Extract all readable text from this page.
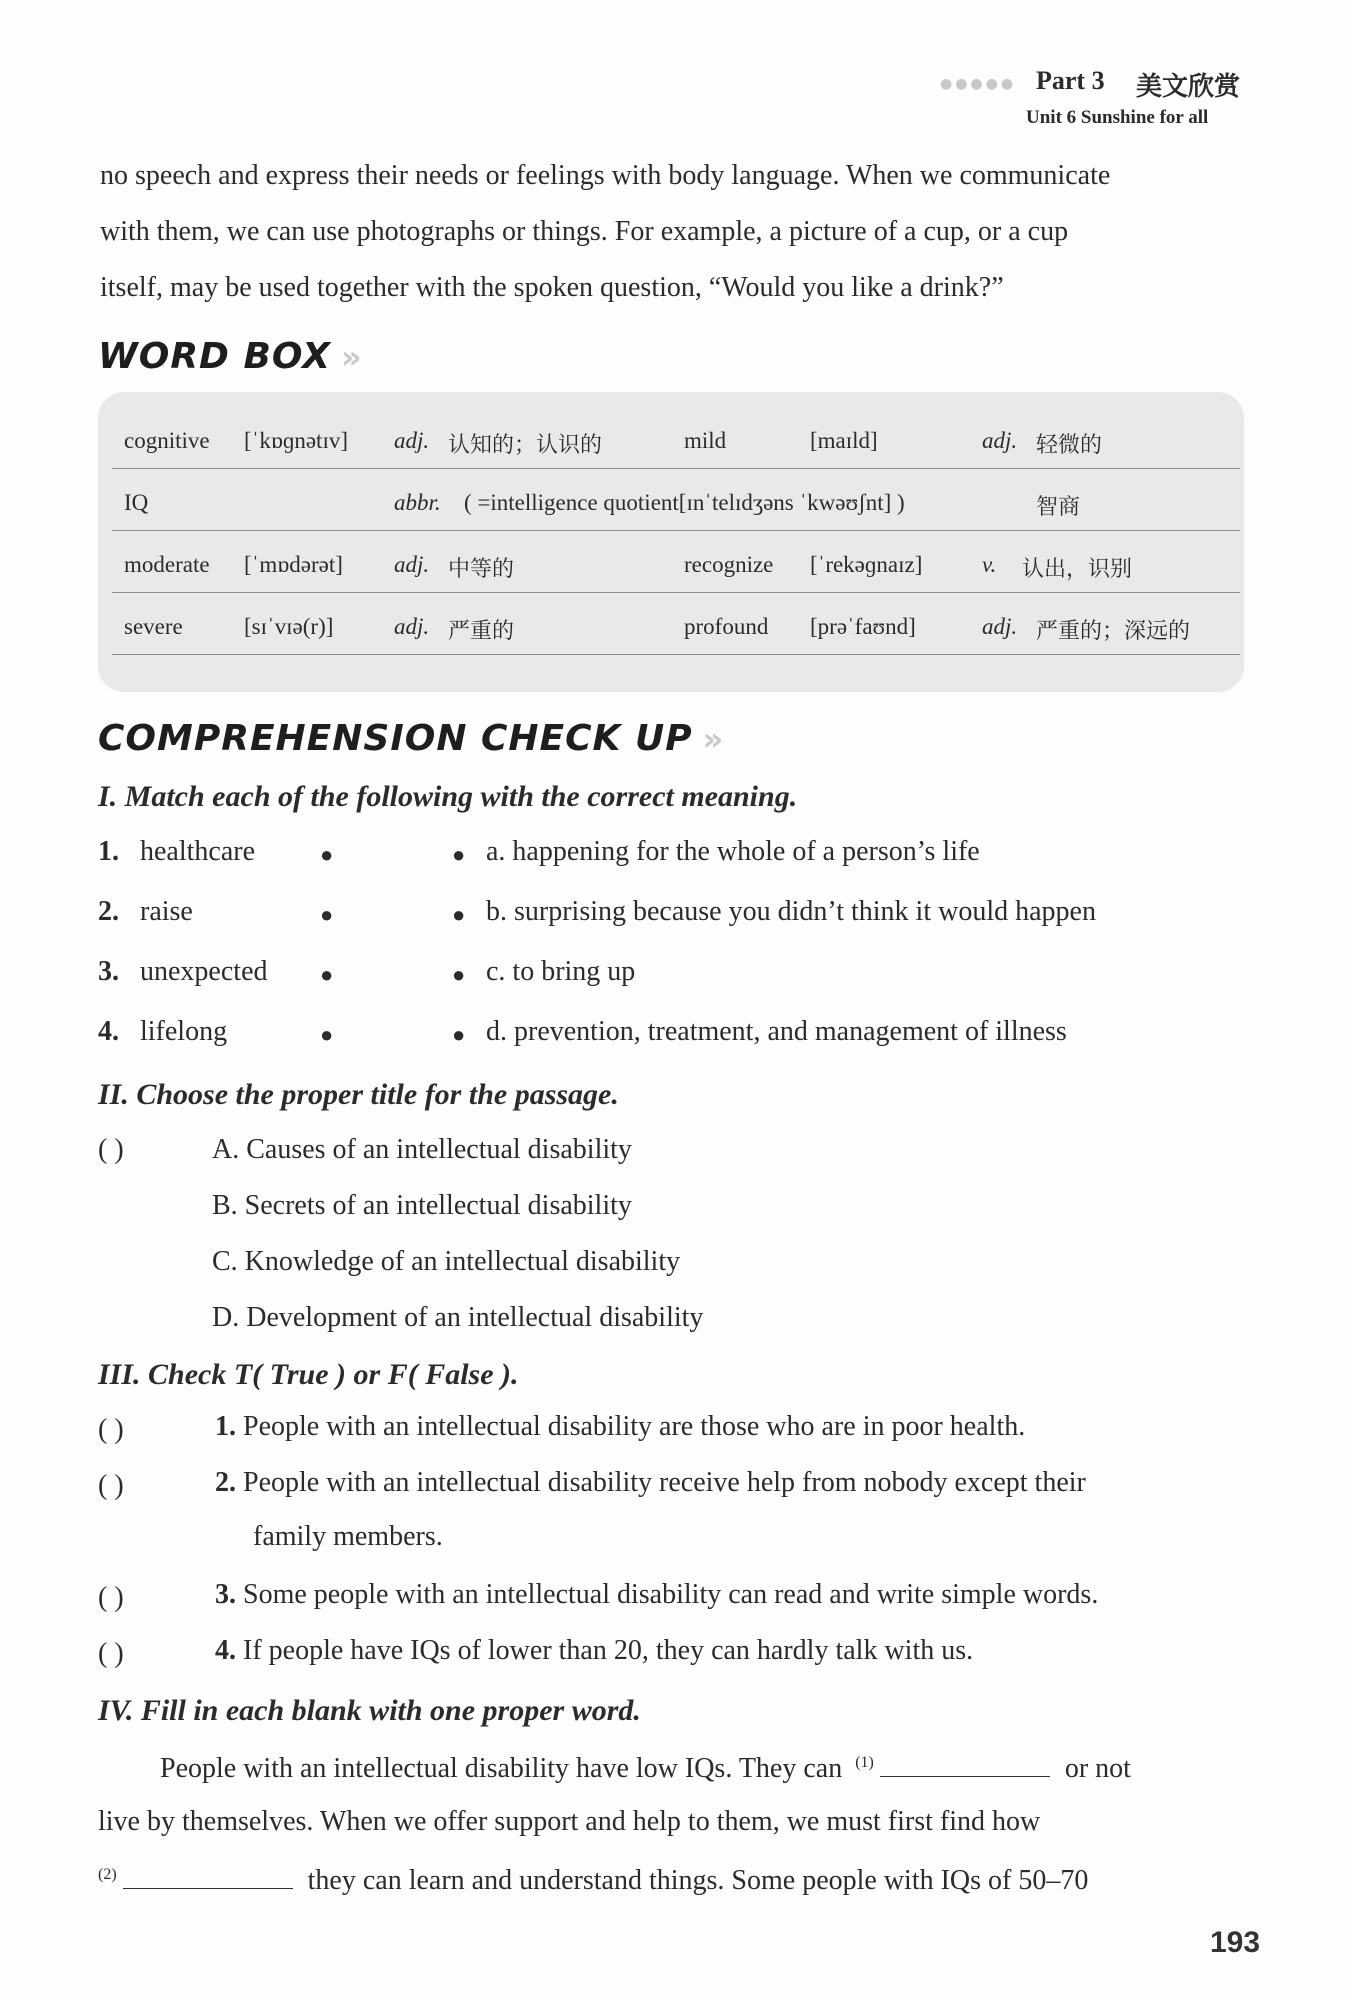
●●●●● Part 3 美文欣赏
Unit 6 Sunshine for all
no speech and express their needs or feelings with body language. When we communicate
with them, we can use photographs or things. For example, a picture of a cup, or a cup
itself, may be used together with the spoken question, “Would you like a drink?”
WORD BOX »
cognitive [ˈkɒɡnətɪv] adj. 认知的；认识的	mild	[maɪld]	adj. 轻微的
IQ	abbr. ( =intelligence quotient[ɪnˈtelɪdʒəns ˈkwəʊʃnt] )	智商
moderate [ˈmɒdərət] adj. 中等的	recognize [ˈrekəɡnaɪz]	v. 认出，识别
severe	[sɪˈvɪə(r)]	adj. 严重的	profound [prəˈfaʊnd]	adj. 严重的；深远的
COMPREHENSION CHECK UP »
I. Match each of the following with the correct meaning.
1. healthcare	●	● a. happening for the whole of a person’s life
2. raise	●	● b. surprising because you didn’t think it would happen
3. unexpected ●	● c. to bring up
4. lifelong	●	● d. prevention, treatment, and management of illness
II. Choose the proper title for the passage.
( )	A. Causes of an intellectual disability
B. Secrets of an intellectual disability
C. Knowledge of an intellectual disability
D. Development of an intellectual disability
III. Check T( True ) or F( False ).
( )	1. People with an intellectual disability are those who are in poor health.
( )	2. People with an intellectual disability receive help from nobody except their
family members.
( )	3. Some people with an intellectual disability can read and write simple words.
( )	4. If people have IQs of lower than 20, they can hardly talk with us.
IV. Fill in each blank with one proper word.
People with an intellectual disability have low IQs. They can $^{(1)}$	or not
live by themselves. When we offer support and help to them, we must first find how
$^{(2)}$	they can learn and understand things. Some people with IQs of 50–70
193
